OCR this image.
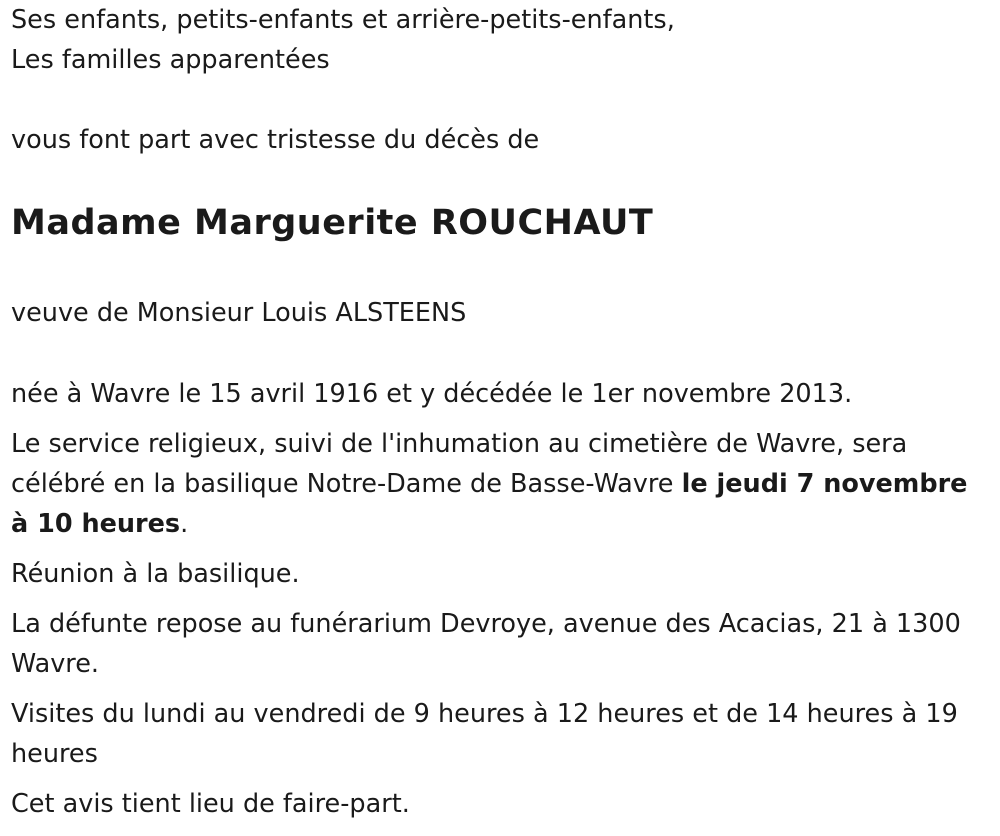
Ses enfants, petits-enfants et arrière-petits-enfants,
Les familles apparentées
vous font part avec tristesse du décès de
Madame Marguerite ROUCHAUT
veuve de Monsieur Louis ALSTEENS
née à Wavre le 15 avril 1916 et y décédée le 1er novembre 2013.
Le service religieux, suivi de l'inhumation au cimetière de Wavre, sera célébré en la basilique Notre-Dame de Basse-Wavre le jeudi 7 novembre à 10 heures.
Réunion à la basilique.
La défunte repose au funérarium Devroye, avenue des Acacias, 21 à 1300 Wavre.
Visites du lundi au vendredi de 9 heures à 12 heures et de 14 heures à 19 heures
Cet avis tient lieu de faire-part.
